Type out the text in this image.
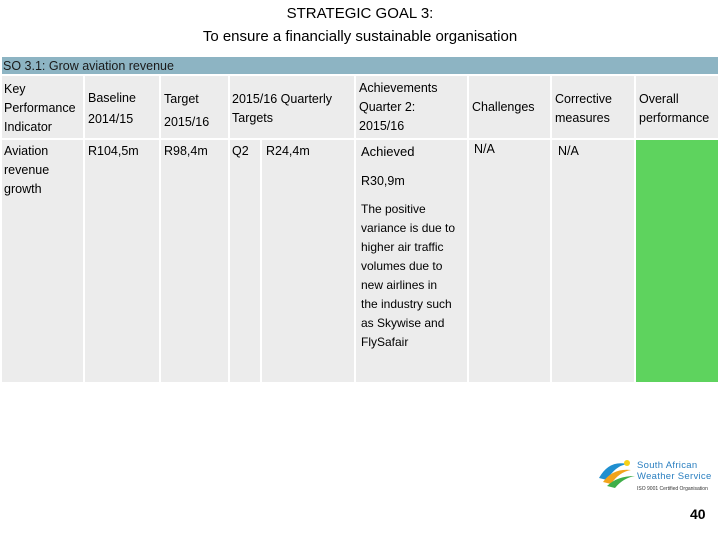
STRATEGIC GOAL 3:
To ensure a financially sustainable organisation
SO 3.1: Grow aviation revenue
Key
Performance
Indicator
Baseline
2014/15
Target
2015/16
2015/16 Quarterly
Targets
Achievements
Quarter 2:
2015/16
Challenges
Corrective
measures
Overall
performance
Aviation
revenue
growth
R104,5m R98,4m Q2 R24,4m	Achieved
R30,9m
The positive
variance is due to
higher air traffic
volumes due to
new airlines in
the industry such
as Skywise and
FlySafair
N/A	N/A
South African
Weather Service
ISO 9001 Certified Organisation
40
